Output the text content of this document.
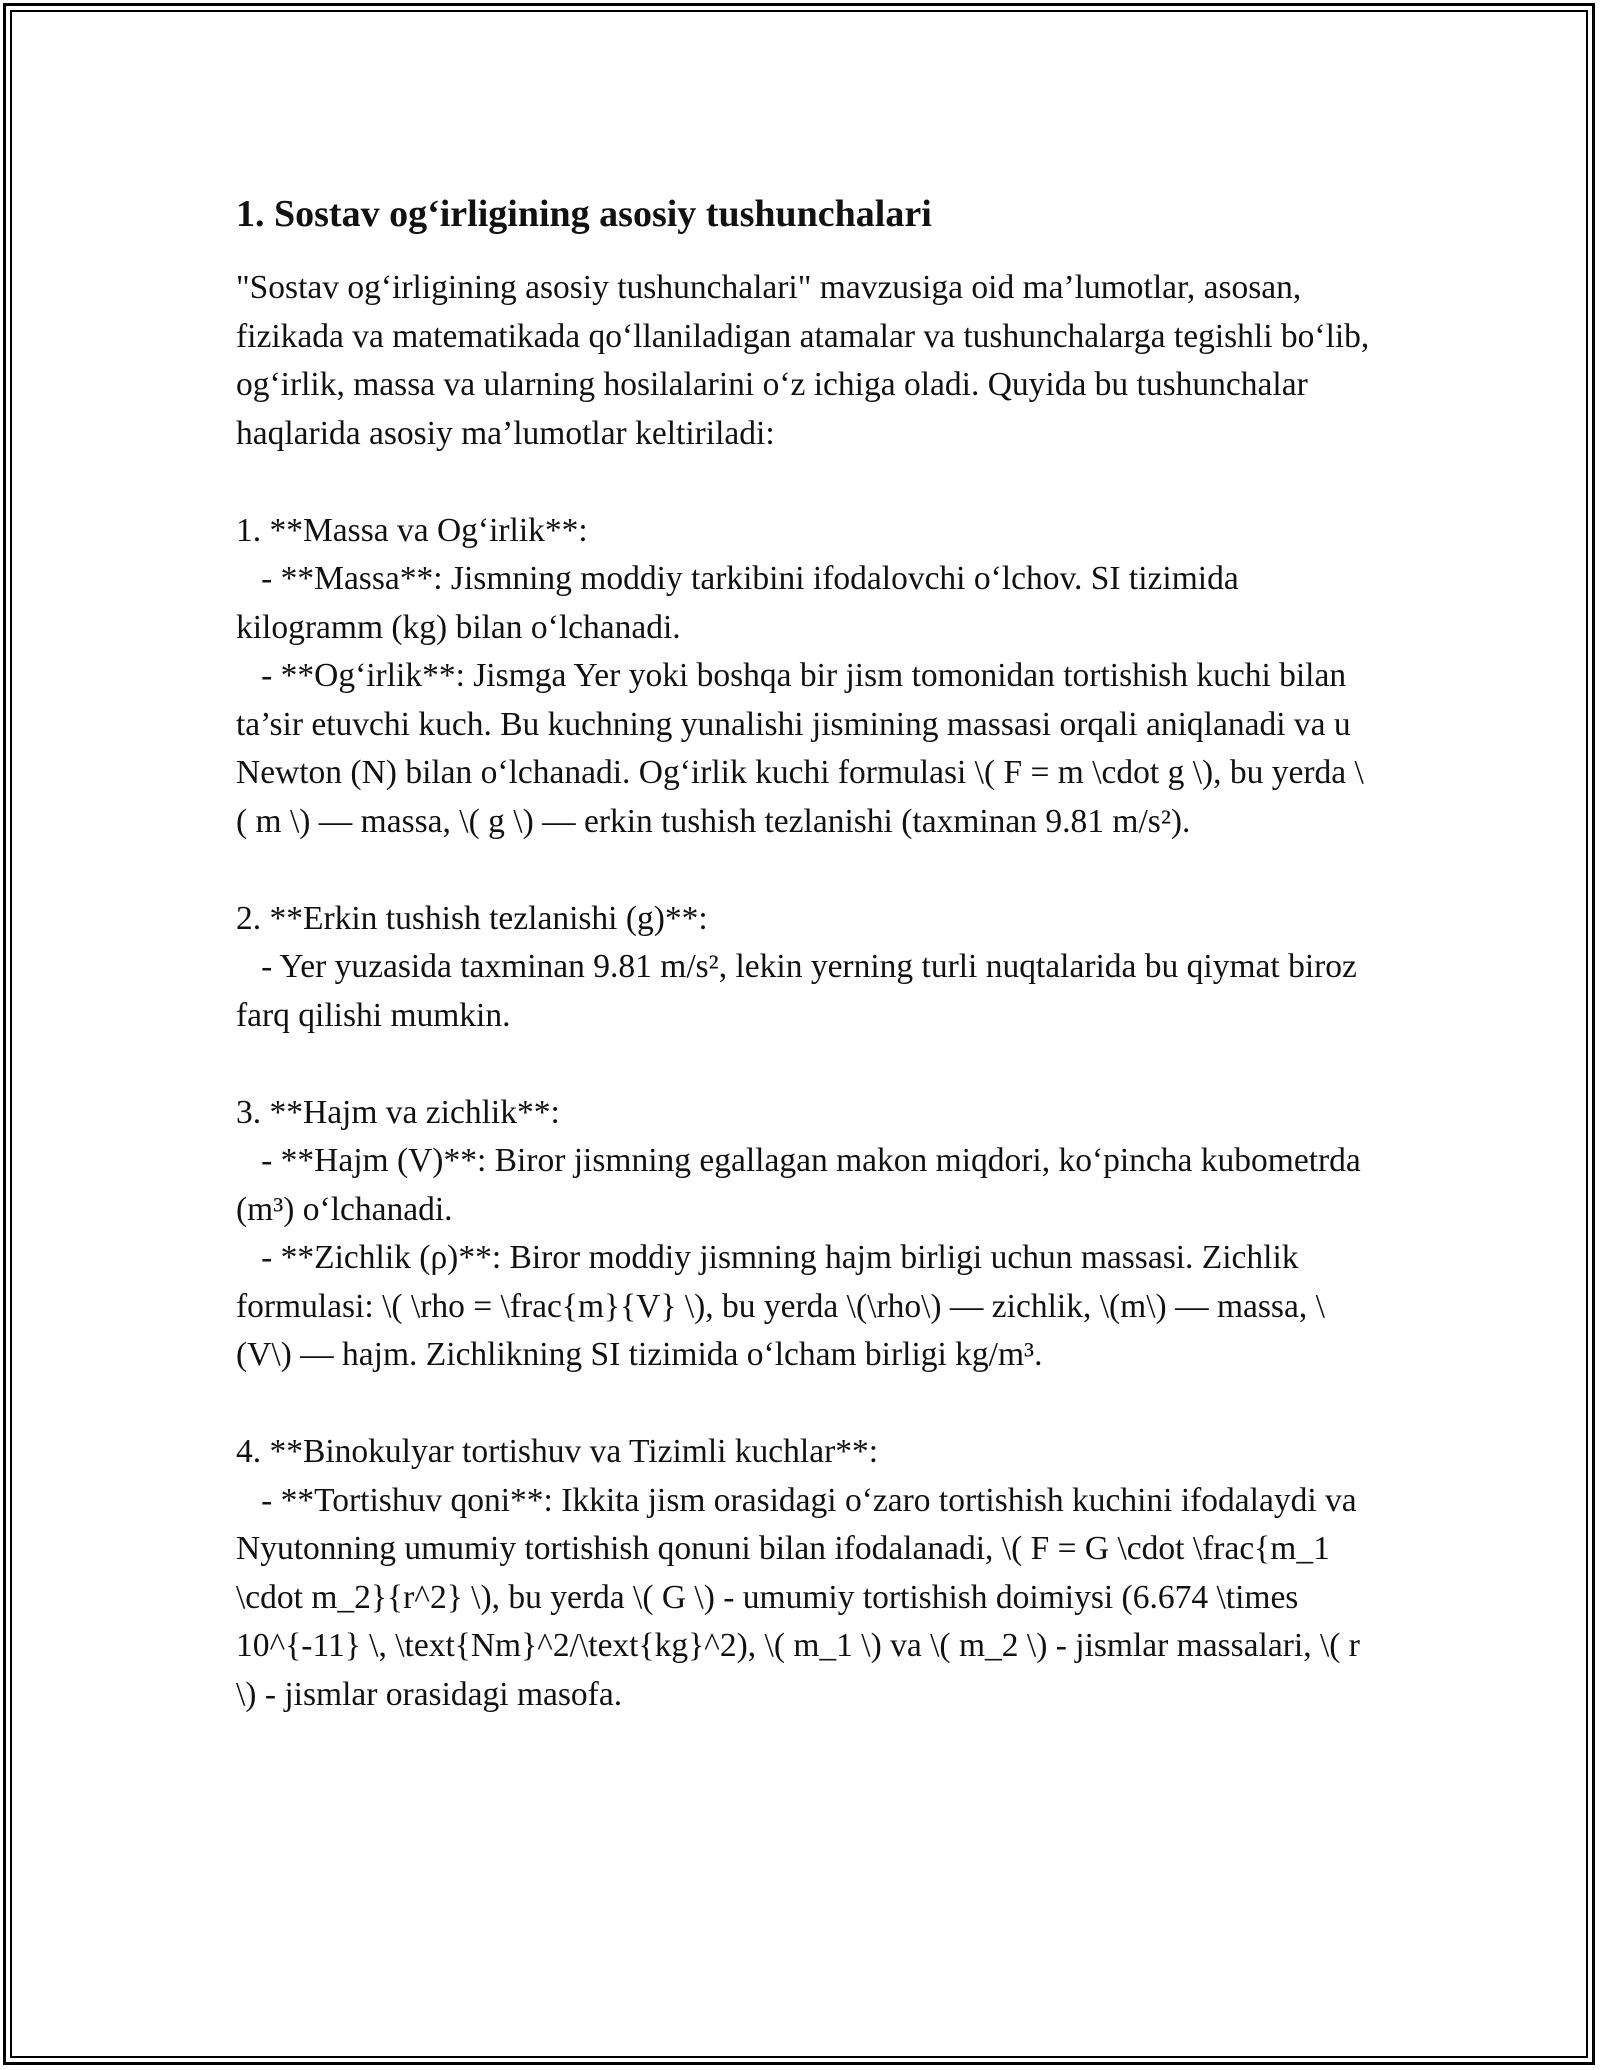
1. Sostav og‘irligining asosiy tushunchalari

"Sostav og‘irligining asosiy tushunchalari" mavzusiga oid ma’lumotlar, asosan, fizikada va matematikada qo‘llaniladigan atamalar va tushunchalarga tegishli bo‘lib, og‘irlik, massa va ularning hosilalarini o‘z ichiga oladi. Quyida bu tushunchalar haqlarida asosiy ma’lumotlar keltiriladi:

1. **Massa va Og‘irlik**:
- **Massa**: Jismning moddiy tarkibini ifodalovchi o‘lchov. SI tizimida kilogramm (kg) bilan o‘lchanadi.
- **Og‘irlik**: Jismga Yer yoki boshqa bir jism tomonidan tortishish kuchi bilan ta’sir etuvchi kuch. Bu kuchning yunalishi jismining massasi orqali aniqlanadi va u Newton (N) bilan o‘lchanadi. Og‘irlik kuchi formulasi \( F = m \cdot g \), bu yerda \( m \) — massa, \( g \) — erkin tushish tezlanishi (taxminan 9.81 m/s²).

2. **Erkin tushish tezlanishi (g)**:
- Yer yuzasida taxminan 9.81 m/s², lekin yerning turli nuqtalarida bu qiymat biroz farq qilishi mumkin.

3. **Hajm va zichlik**:
- **Hajm (V)**: Biror jismning egallagan makon miqdori, ko‘pincha kubometrda (m³) o‘lchanadi.
- **Zichlik (ρ)**: Biror moddiy jismning hajm birligi uchun massasi. Zichlik formulasi: \( \rho = \frac{m}{V} \), bu yerda \(\rho\) — zichlik, \(m\) — massa, \(V\) — hajm. Zichlikning SI tizimida o‘lcham birligi kg/m³.

4. **Binokulyar tortishuv va Tizimli kuchlar**:
- **Tortishuv qoni**: Ikkita jism orasidagi o‘zaro tortishish kuchini ifodalaydi va Nyutonning umumiy tortishish qonuni bilan ifodalanadi, \( F = G \cdot \frac{m_1 \cdot m_2}{r^2} \), bu yerda \( G \) - umumiy tortishish doimiysi (6.674 \times 10^{-11} \, \text{Nm}^2/\text{kg}^2), \( m_1 \) va \( m_2 \) - jismlar massalari, \( r \) - jismlar orasidagi masofa.
